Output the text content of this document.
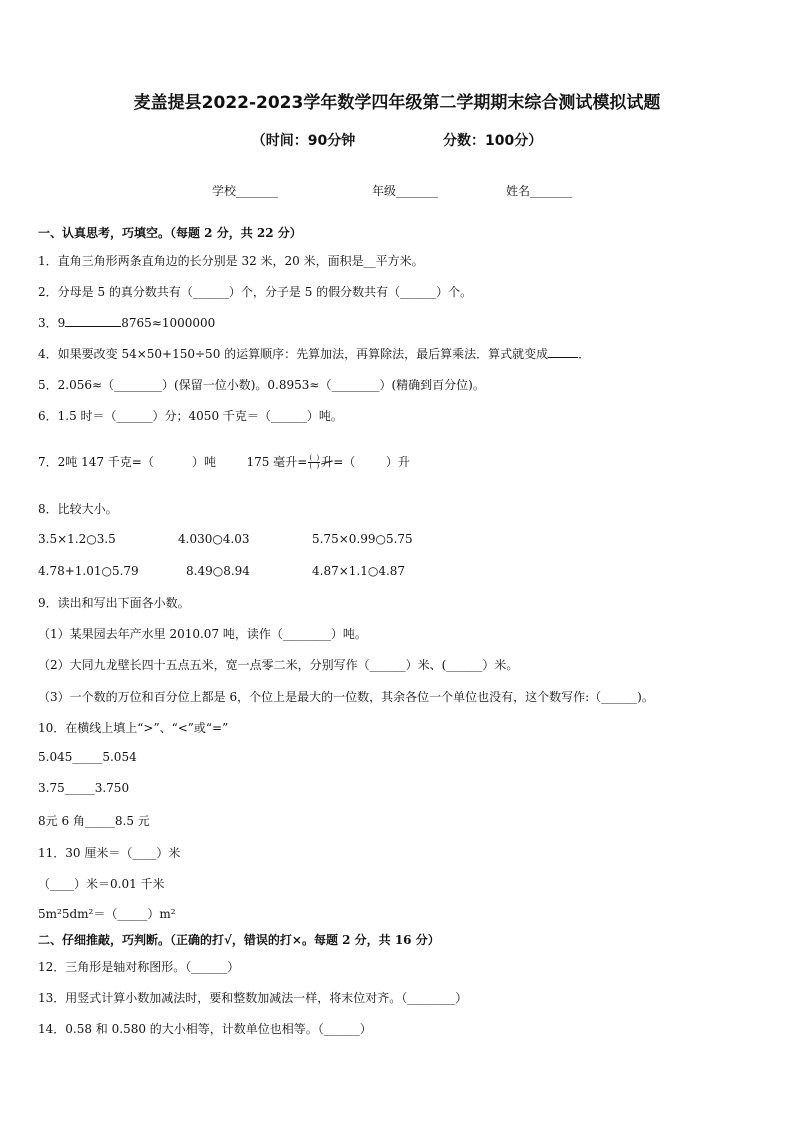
麦盖提县2022-2023学年数学四年级第二学期期末综合测试模拟试题
（时间：90分钟                  分数：100分）
学校_______	年级_______	姓名_______
一、认真思考，巧填空。（每题 2 分，共 22 分）
1．直角三角形两条直角边的长分别是 32 米，20 米，面积是__平方米。
2．分母是 5 的真分数共有（______）个，分子是 5 的假分数共有（______）个。
3．9	8765≈1000000
4．如果要改变 54×50+150÷50 的运算顺序：先算加法，再算除法，最后算乘法．算式就变成	．
5．2.056≈（________）(保留一位小数)。0.8953≈（________）(精确到百分位)。
6．1.5 时＝（______）分；4050 千克＝（______）吨。
7．2吨 147 千克=（          ）吨	175 毫升= $\frac{( )}{( )}$ 升=（        ）升
8．比较大小。
3.5×1.2○3.5	4.030○4.03	5.75×0.99○5.75
4.78+1.01○5.79	8.49○8.94	4.87×1.1○4.87
9．读出和写出下面各小数。
（1）某果园去年产水里 2010.07 吨，读作（________）吨。
（2）大同九龙壁长四十五点五米，宽一点零二米，分别写作（______）米、(______）米。
（3）一个数的万位和百分位上都是 6，个位上是最大的一位数，其余各位一个单位也没有，这个数写作:（______)。
10．在横线上填上“>”、“<”或“=”
5.045_____5.054
3.75_____3.750
8元 6 角_____8.5 元
11．30 厘米＝（____）米
（____）米＝0.01 千米
5m²5dm²＝（_____）m²
二、仔细推敲，巧判断。（正确的打√，错误的打×。每题 2 分，共 16 分）
12．三角形是轴对称图形。（______）
13．用竖式计算小数加减法时，要和整数加减法一样，将末位对齐。（________）
14．0.58 和 0.580 的大小相等，计数单位也相等。（______）
